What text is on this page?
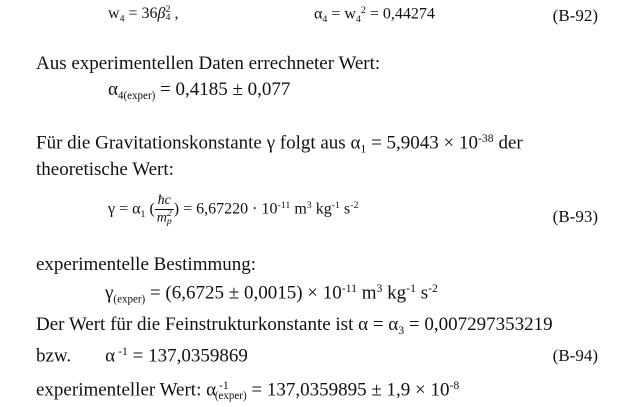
$w_4 = 36\beta$ 2
4 ,	$\alpha_4 = w_4^2 = 0,44274$	(B-92)
Aus experimentellen Daten errechneter Wert:
$\alpha_{4(exper)} = 0,4185 \pm 0,077$
Für die Gravitationskonstante γ folgt aus $\alpha_1 = 5,9043 \times 10^{-38}$ der
theoretische Wert:
$\gamma = \alpha_1$ ( ħc
m 2
p ) = $6,67220 \cdot 10^{-11}$ $m^3$ $kg^{-1}$ $s^{-2}$
(B-93)
experimentelle Bestimmung:
$\gamma_{(exper)} = (6,6725 \pm 0,0015) \times 10^{-11}$ $m^3$ $kg^{-1}$ $s^{-2}$
Der Wert für die Feinstrukturkonstante ist $\alpha = \alpha_3 = 0,007297353219$
bzw. α $^{-1}$ = 137,0359869	(B-94)
experimenteller Wert: α $^{-1}_{(exper)} = 137,0359895 \pm 1,9 \times 10^{-8}$
